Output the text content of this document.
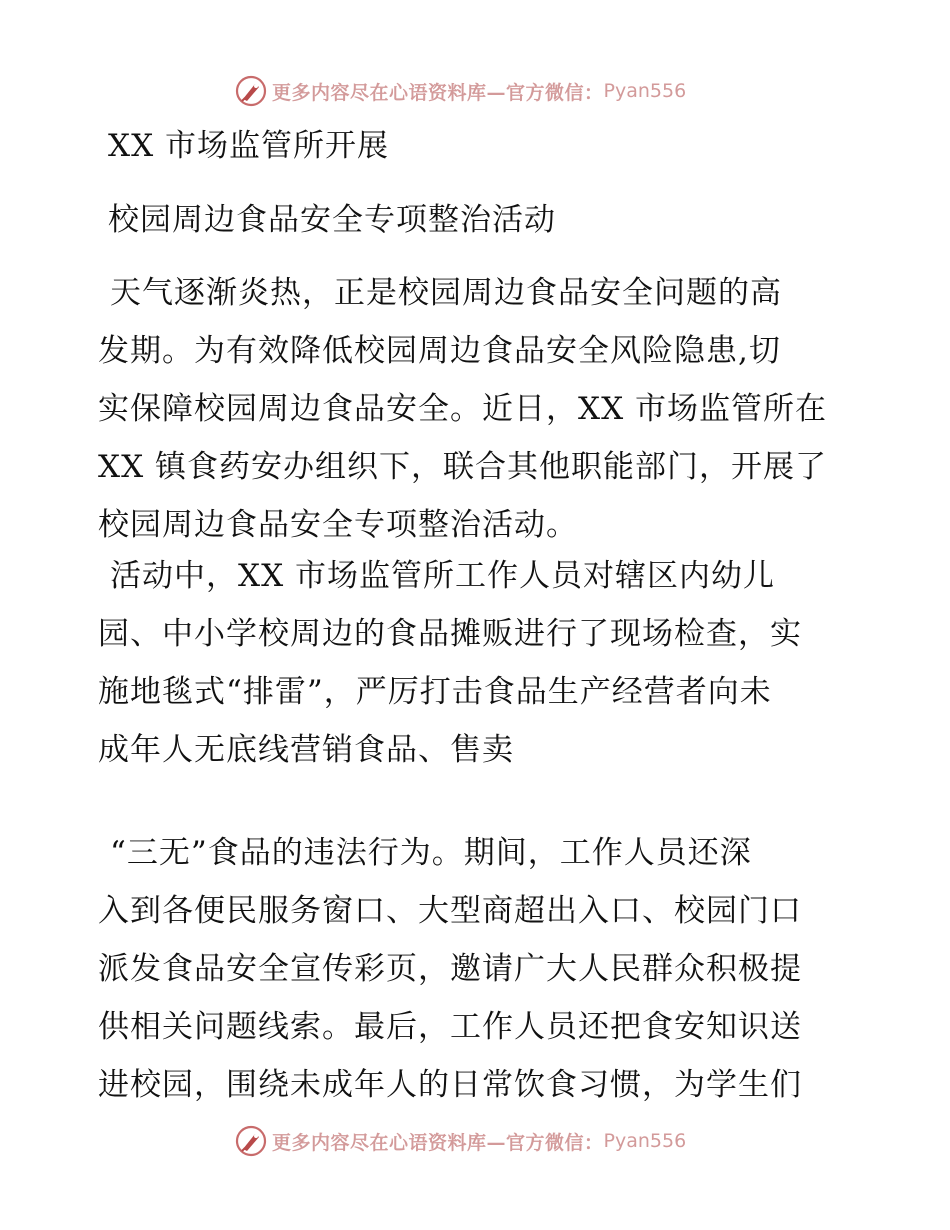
更多内容尽在心语资料库—官方微信： Pyan556
XX 市场监管所开展
校园周边食品安全专项整治活动
天气逐渐炎热，正是校园周边食品安全问题的高
发期。为有效降低校园周边食品安全风险隐患,切
实保障校园周边食品安全。近日，XX 市场监管所在
XX 镇食药安办组织下，联合其他职能部门，开展了
校园周边食品安全专项整治活动。
活动中，XX 市场监管所工作人员对辖区内幼儿
园、中小学校周边的食品摊贩进行了现场检查，实
施地毯式“排雷”，严厉打击食品生产经营者向未
成年人无底线营销食品、售卖
“三无”食品的违法行为。期间，工作人员还深
入到各便民服务窗口、大型商超出入口、校园门口
派发食品安全宣传彩页，邀请广大人民群众积极提
供相关问题线索。最后，工作人员还把食安知识送
进校园，围绕未成年人的日常饮食习惯，为学生们
更多内容尽在心语资料库—官方微信： Pyan556
